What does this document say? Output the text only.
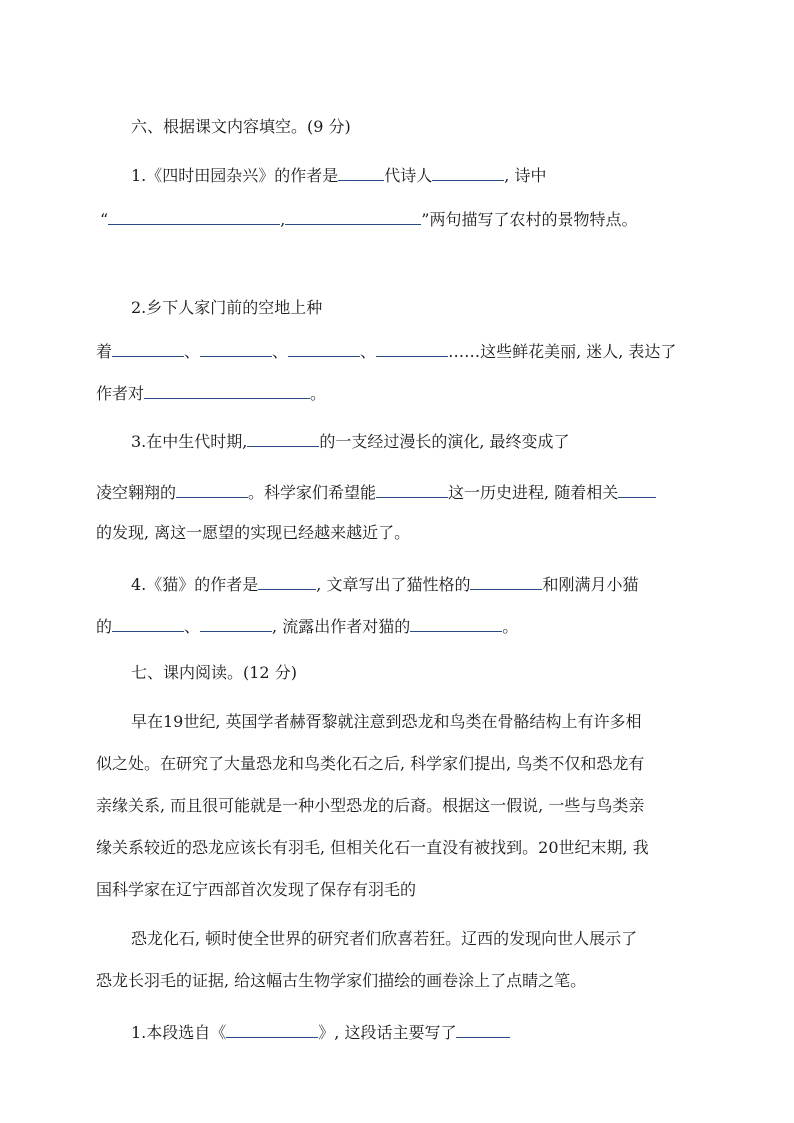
六、根据课文内容填空。(9 分)
1.《四时田园杂兴》的作者是	代诗人	, 诗中
“	,	”两句描写了农村的景物特点。
2.乡下人家门前的空地上种
着	、	、	、	……这些鲜花美丽, 迷人, 表达了
作者对	。
3.在中生代时期,	的一支经过漫长的演化, 最终变成了
凌空翱翔的	。科学家们希望能	这一历史进程, 随着相关
的发现, 离这一愿望的实现已经越来越近了。
4.《猫》的作者是	, 文章写出了猫性格的	和刚满月小猫
的	、	, 流露出作者对猫的	。
七、课内阅读。(12 分)
早在19世纪, 英国学者赫胥黎就注意到恐龙和鸟类在骨骼结构上有许多相
似之处。在研究了大量恐龙和鸟类化石之后, 科学家们提出, 鸟类不仅和恐龙有
亲缘关系, 而且很可能就是一种小型恐龙的后裔。根据这一假说, 一些与鸟类亲
缘关系较近的恐龙应该长有羽毛, 但相关化石一直没有被找到。20世纪末期, 我
国科学家在辽宁西部首次发现了保存有羽毛的
恐龙化石, 顿时使全世界的研究者们欣喜若狂。辽西的发现向世人展示了
恐龙长羽毛的证据, 给这幅古生物学家们描绘的画卷涂上了点睛之笔。
1.本段选自《	》, 这段话主要写了
